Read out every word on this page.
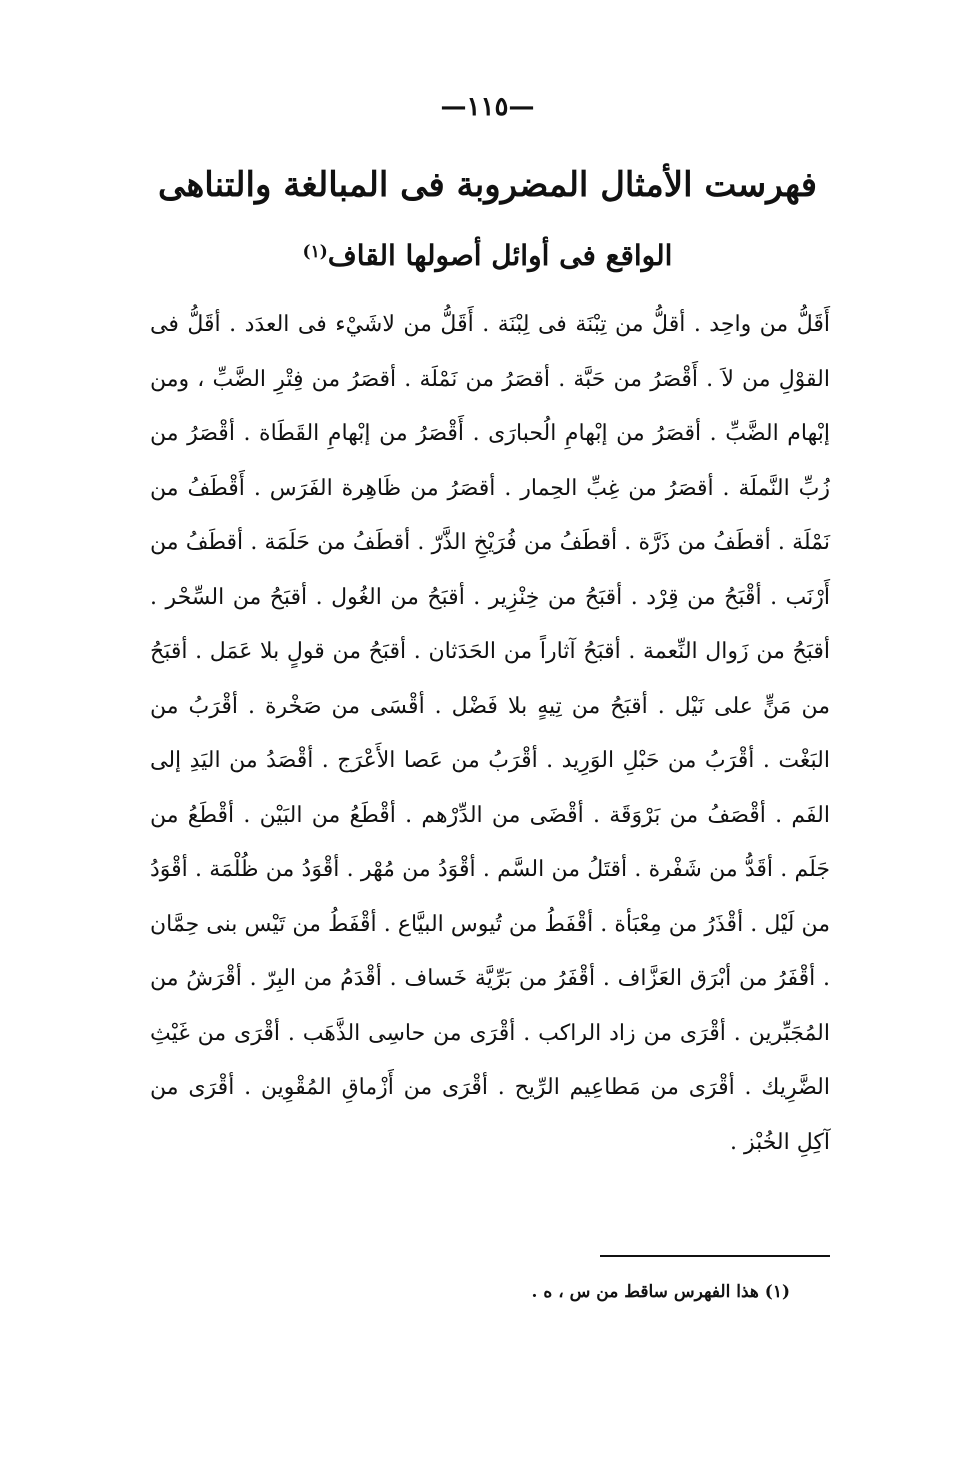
—١١٥—
فهرست الأمثال المضروبة فى المبالغة والتناهى
الواقع فى أوائل أصولها القاف$^{(١)}$

أَقَلُّ من واحِد . أقلُّ من تِبْنَة فى لِبْنَة . أَقَلُّ من لاشَيْء فى العدَد . أقَلُّ فى القوْلِ من لاَ . أَقْصَرُ من حَبَّة . أقصَرُ من نَمْلَة . أقصَرُ من فِتْرِ الضَّبِّ ، ومن إبْهام الضَّبِّ . أقصَرُ من إبْهامِ الُحبارَى . أَقْصَرُ من إبْهامِ القَطَاة . أقْصَرُ من زُبِّ النَّملَة . أقصَرُ من غِبِّ الحِمار . أقصَرُ من ظَاهِرة الفَرَس . أَقْطَفُ من نَمْلَة . أقطَفُ من ذَرَّة . أقطَفُ من فُرَيْخِ الذَّرّ . أقطَفُ من حَلَمَة . أقطَفُ من أَرْنَب . أقْبَحُ من قِرْد . أقبَحُ من خِنْزِير . أقبَحُ من الغُول . أقبَحُ من السِّحْر . أقبَحُ من زَوال النِّعمة . أقبَحُ آثاراً من الحَدَثان . أقبَحُ من قولٍ بلا عَمَل . أقبَحُ من مَنٍّ على نَيْل . أقبَحُ من تِيهٍ بلا فَضْل . أقْسَى من صَخْرة . أقْرَبُ من البَغْت . أقْرَبُ من حَبْلِ الوَرِيد . أقْرَبُ من عَصا الأَعْرَج . أقْصَدُ من اليَدِ إلى الفَم . أقْصَفُ من بَرْوَقَة . أقْضَى من الدِّرْهم . أقْطَعُ من البَيْن . أقْطَعُ من جَلَم . أقَدُّ من شَفْرة . أقتَلُ من السَّم . أقْوَدُ من مُهْر . أقْوَدُ من ظُلْمَة . أقْوَدُ من لَيْل . أقْذَرُ من مِعْبَأة . أقْفَطُ من تُيوس البيَّاع . أقْفَطُ من تَيْس بنى حِمَّان . أقْفَرُ من أبْرَق العَزَّاف . أقْفَرُ من بَرِّيَّة خَساف . أقْدَمُ من البِرّ . أقْرَشُ من المُجَبِّرين . أقْرَى من زاد الراكب . أقْرَى من حاسِى الذَّهَب . أقْرَى من غَيْثِ الضَّرِيك . أقْرَى من مَطاعِيم الرِّيح . أقْرَى من أَزْماقِ المُقْوِين . أقْرَى من آكِلِ الخُبْز .

(١) هذا الفهرس ساقط من س ، ه .
